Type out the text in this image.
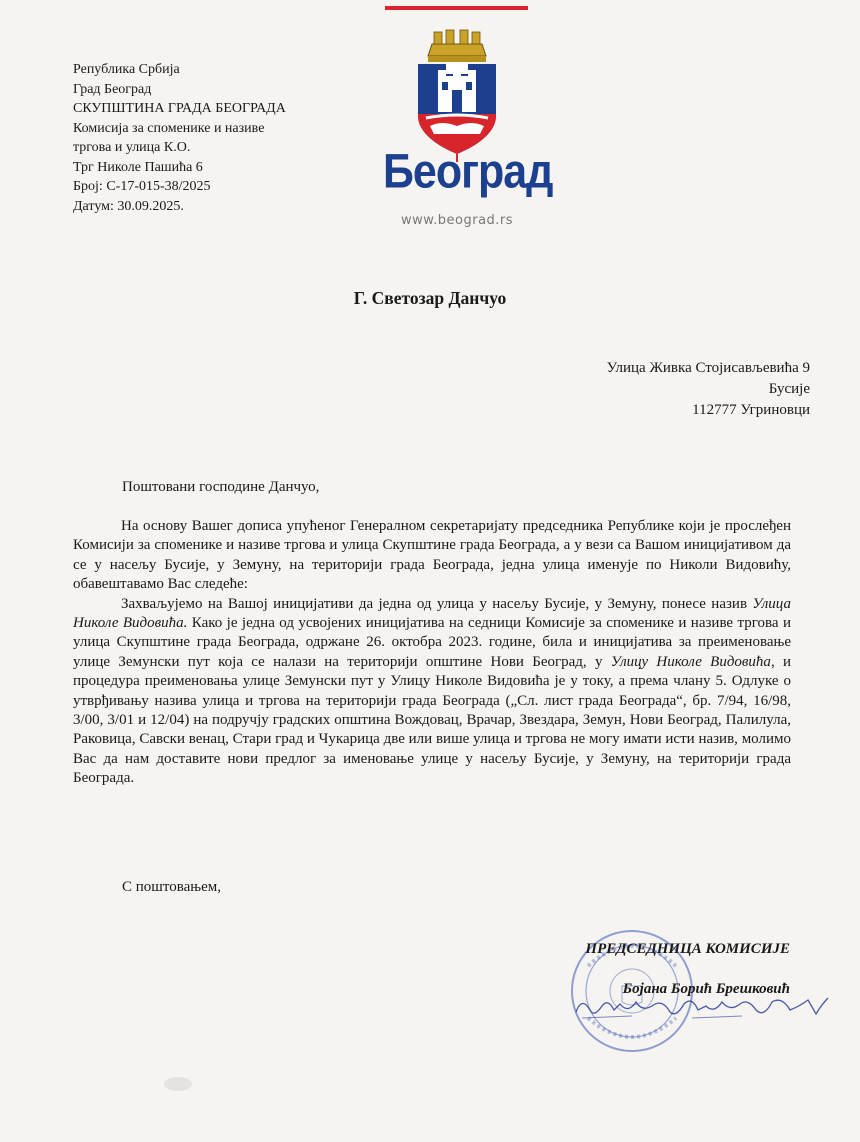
Република Србија
Град Београд
СКУПШТИНА ГРАДА БЕОГРАДА
Комисија за споменике и називе
тргова и улица К.О.
Трг Николе Пашића 6
Број: С-17-015-38/2025
Датум: 30.09.2025.
Београд
www.beograd.rs
Г. Светозар Данчуо
Улица Живка Стојисављевића 9
Бусије
112777 Угриновци
Поштовани господине Данчуо,

На основу Вашег дописа упућеног Генералном секретаријату председника Републике који је прослеђен Комисији за споменике и називе тргова и улица Скупштине града Београда, а у вези са Вашом иницијативом да се у насељу Бусије, у Земуну, на територији града Београда, једна улица именује по Николи Видовићу, обавештавамо Вас следеће:

Захваљујемо на Вашој иницијативи да једна од улица у насељу Бусије, у Земуну, понесе назив Улица Николе Видовића. Како је једна од усвојених иницијатива на седници Комисије за споменике и називе тргова и улица Скупштине града Београда, одржане 26. октобра 2023. године, била и иницијатива за преименовање улице Земунски пут која се налази на територији општине Нови Београд, у Улицу Николе Видовића, и процедура преименовања улице Земунски пут у Улицу Николе Видовића је у току, а према члану 5. Одлуке о утврђивању назива улица и тргова на територији града Београда („Сл. лист града Београда“, бр. 7/94, 16/98, 3/00, 3/01 и 12/04) на подручју градских општина Вождовац, Врачар, Звездара, Земун, Нови Београд, Палилула, Раковица, Савски венац, Стари град и Чукарица две или више улица и тргова не могу имати исти назив, молимо Вас да нам доставите нови предлог за именовање улице у насељу Бусије, у Земуну, на територији града Београда.

С поштовањем,
ПРЕДСЕДНИЦА КОМИСИЈЕ
Бојана Борић Брешковић
